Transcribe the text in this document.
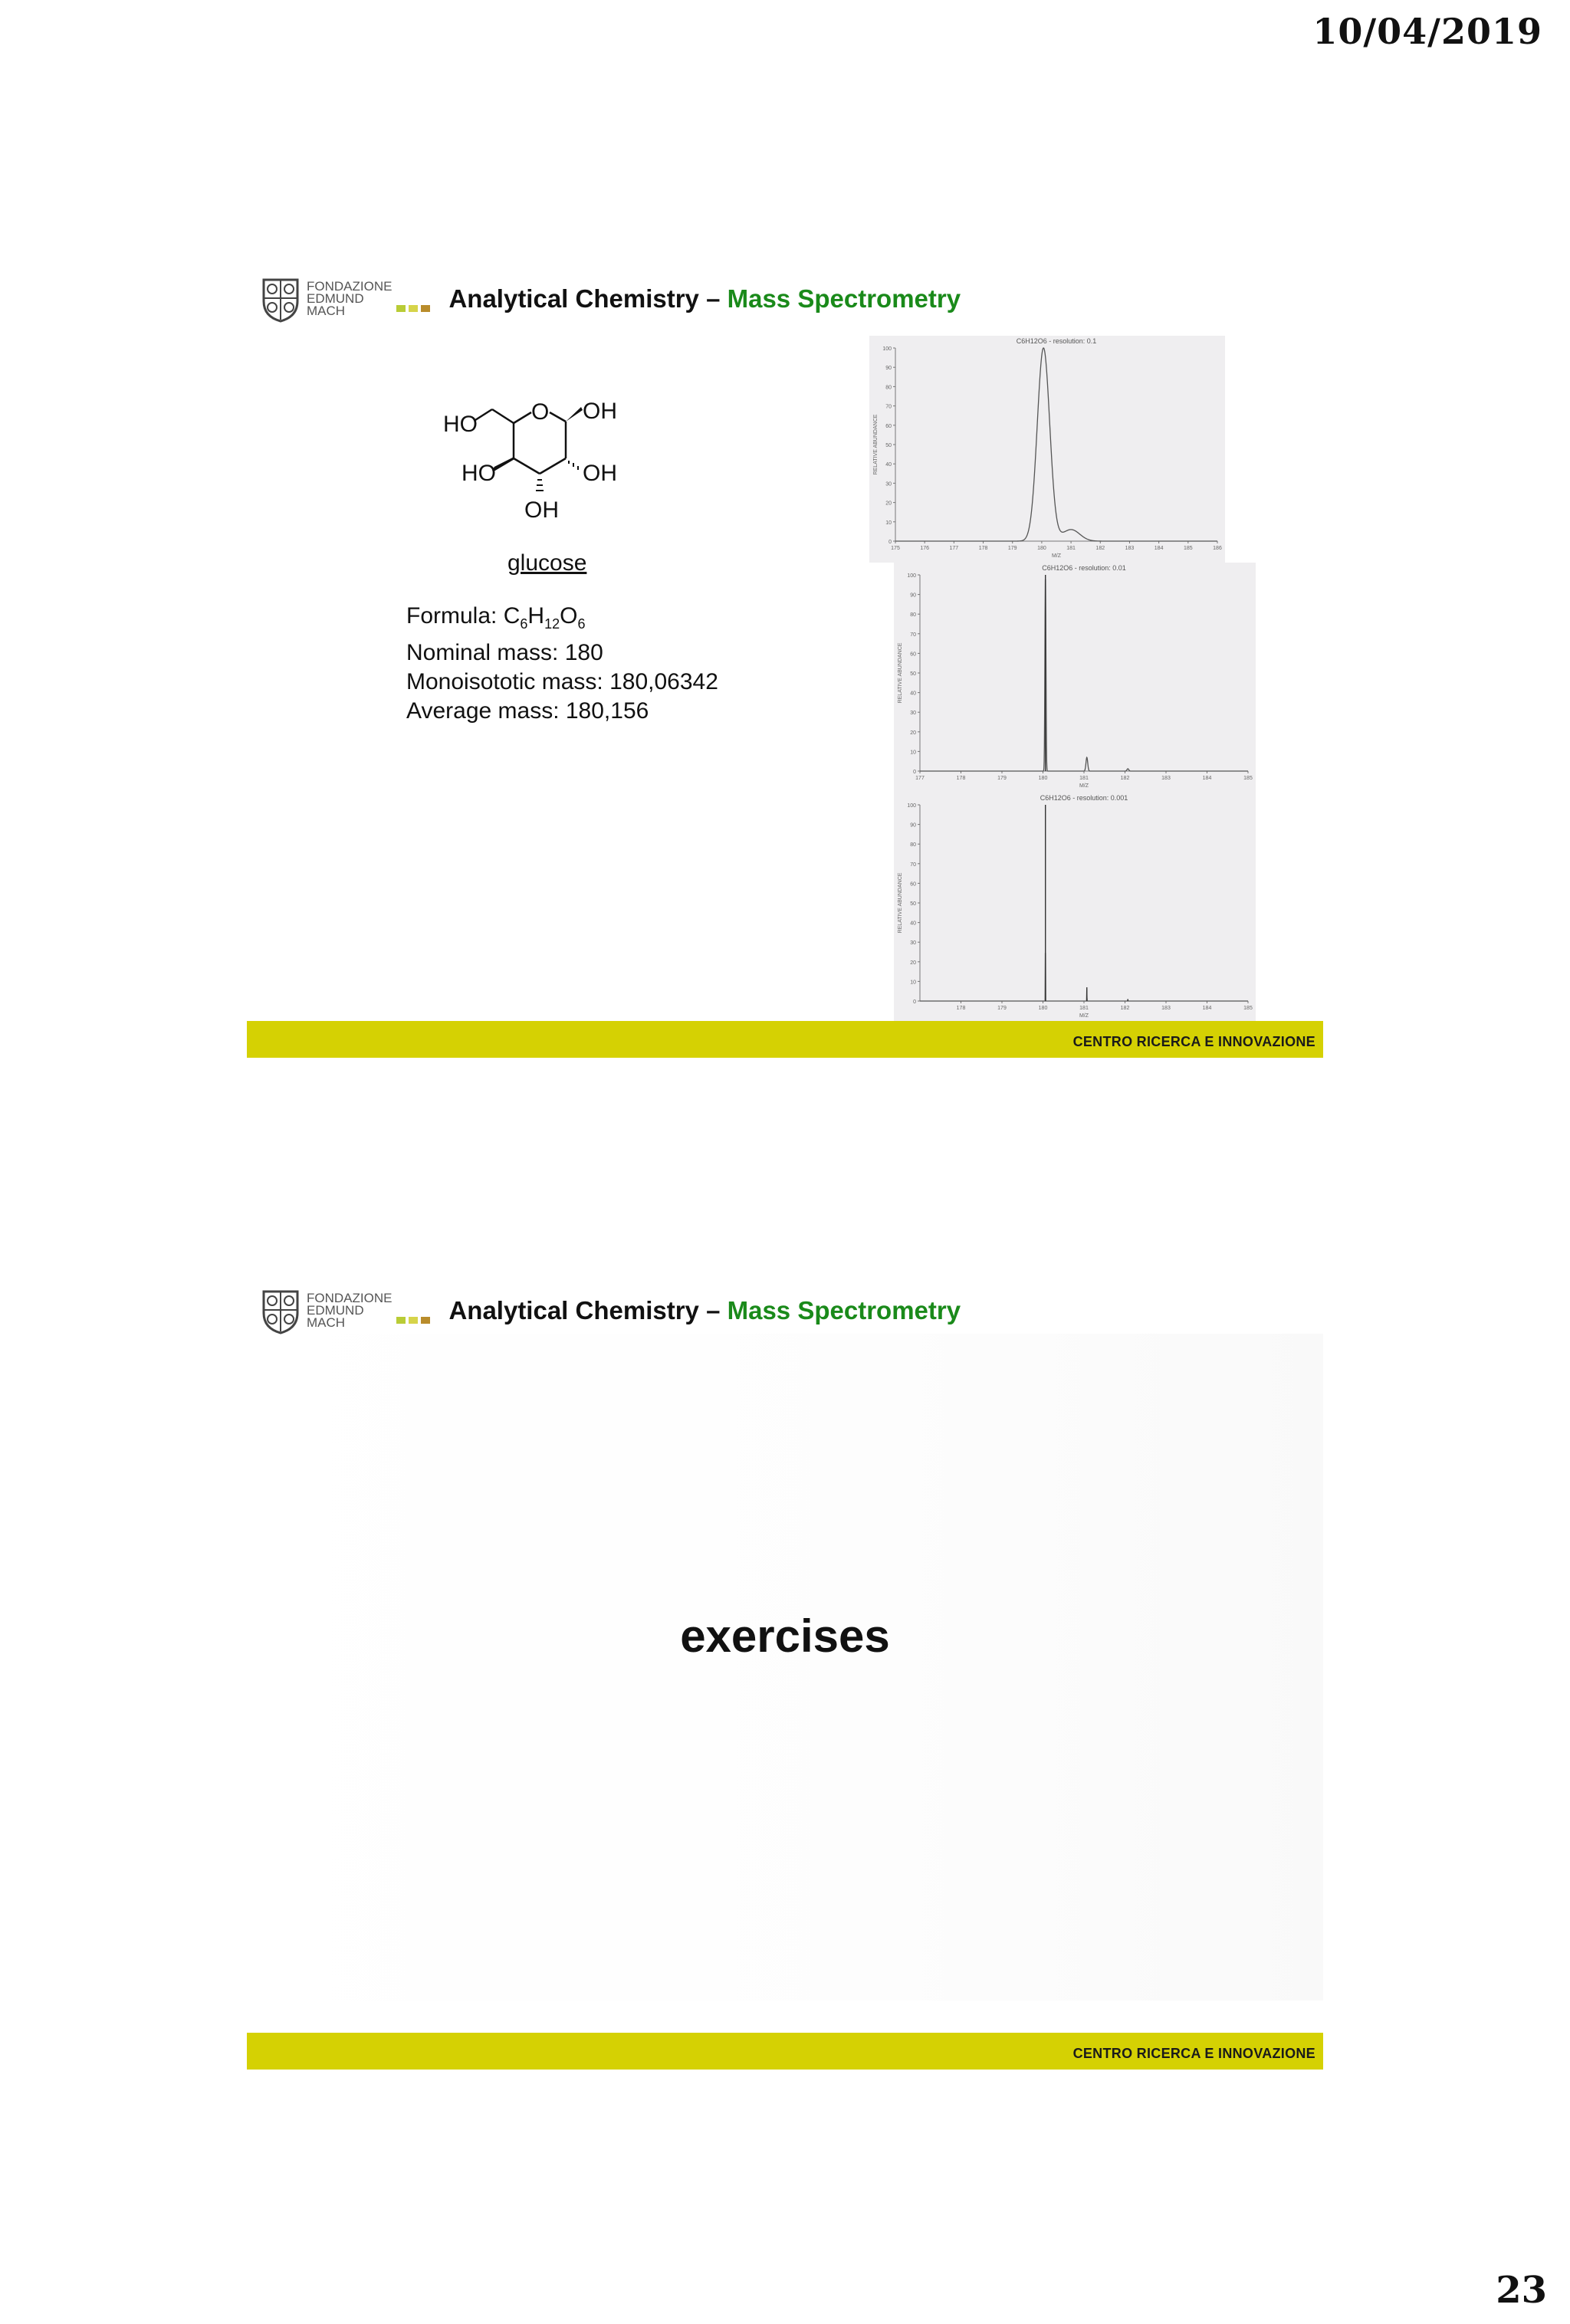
10/04/2019
23
FONDAZIONE
EDMUND
MACH	Analytical Chemistry – Mass Spectrometry
O OH
HO
HO	OH
OH
glucose
Formula: $C_6H_{12}O_6$
Nominal mass: 180
Monoisototic mass: 180,06342
Average mass: 180,156
C6H12O6 - resolution: 0.1
0
10
20
30
40
50
60
70
80
90
100
175	176	177	178	179	180	181	182	183	184	185	186
M/Z
RELATIVE ABUNDANCE
C6H12O6 - resolution: 0.01
0
10
20
30
40
50
60
70
80
90
100
177	178	179	180	181	182	183	184	185
M/Z
RELATIVE ABUNDANCE
C6H12O6 - resolution: 0.001
0
10
20
30
40
50
60
70
80
90
100
178	179	180	181	182	183	184	185
M/Z
RELATIVE ABUNDANCE
CENTRO RICERCA E INNOVAZIONE
FONDAZIONE
EDMUND
MACH	Analytical Chemistry – Mass Spectrometry
exercises
CENTRO RICERCA E INNOVAZIONE
